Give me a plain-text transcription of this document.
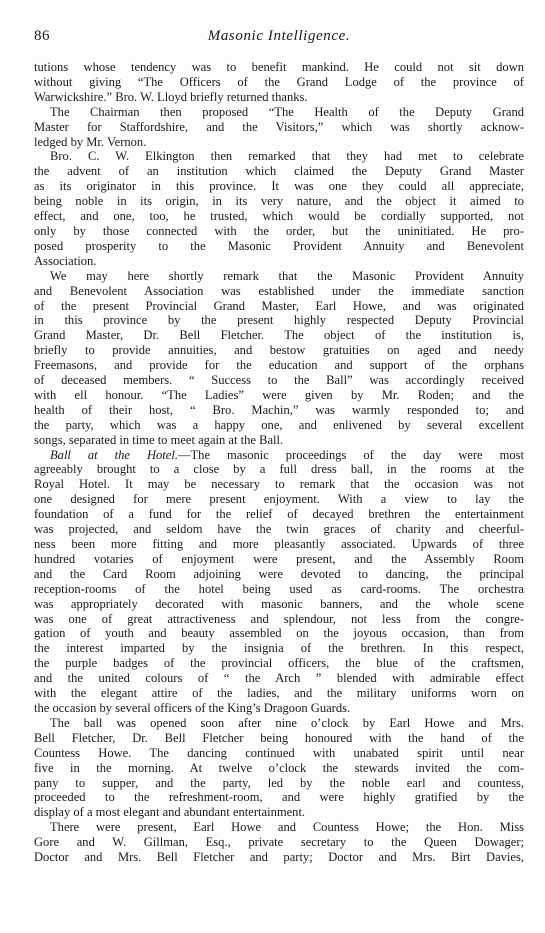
86	Masonic Intelligence.
tutions whose tendency was to benefit mankind. He could not sit down
without giving “The Officers of the Grand Lodge of the province of
Warwickshire.” Bro. W. Lloyd briefly returned thanks.
The Chairman then proposed “The Health of the Deputy Grand
Master for Staffordshire, and the Visitors,” which was shortly acknow-
ledged by Mr. Vernon.
Bro. C. W. Elkington then remarked that they had met to celebrate
the advent of an institution which claimed the Deputy Grand Master
as its originator in this province. It was one they could all appreciate,
being noble in its origin, in its very nature, and the object it aimed to
effect, and one, too, he trusted, which would be cordially supported, not
only by those connected with the order, but the uninitiated. He pro-
posed prosperity to the Masonic Provident Annuity and Benevolent
Association.
We may here shortly remark that the Masonic Provident Annuity
and Benevolent Association was established under the immediate sanction
of the present Provincial Grand Master, Earl Howe, and was originated
in this province by the present highly respected Deputy Provincial
Grand Master, Dr. Bell Fletcher. The object of the institution is,
briefly to provide annuities, and bestow gratuities on aged and needy
Freemasons, and provide for the education and support of the orphans
of deceased members. “ Success to the Ball” was accordingly received
with ell honour. “The Ladies” were given by Mr. Roden; and the
health of their host, “ Bro. Machin,” was warmly responded to; and
the party, which was a happy one, and enlivened by several excellent
songs, separated in time to meet again at the Ball.
Ball at the Hotel.—The masonic proceedings of the day were most
agreeably brought to a close by a full dress ball, in the rooms at the
Royal Hotel. It may be necessary to remark that the occasion was not
one designed for mere present enjoyment. With a view to lay the
foundation of a fund for the relief of decayed brethren the entertainment
was projected, and seldom have the twin graces of charity and cheerful-
ness been more fitting and more pleasantly associated. Upwards of three
hundred votaries of enjoyment were present, and the Assembly Room
and the Card Room adjoining were devoted to dancing, the principal
reception-rooms of the hotel being used as card-rooms. The orchestra
was appropriately decorated with masonic banners, and the whole scene
was one of great attractiveness and splendour, not less from the congre-
gation of youth and beauty assembled on the joyous occasion, than from
the interest imparted by the insignia of the brethren. In this respect,
the purple badges of the provincial officers, the blue of the craftsmen,
and the united colours of “ the Arch ” blended with admirable effect
with the elegant attire of the ladies, and the military uniforms worn on
the occasion by several officers of the King’s Dragoon Guards.
The ball was opened soon after nine o’clock by Earl Howe and Mrs.
Bell Fletcher, Dr. Bell Fletcher being honoured with the hand of the
Countess Howe. The dancing continued with unabated spirit until near
five in the morning. At twelve o’clock the stewards invited the com-
pany to supper, and the party, led by the noble earl and countess,
proceeded to the refreshment-room, and were highly gratified by the
display of a most elegant and abundant entertainment.
There were present, Earl Howe and Countess Howe; the Hon. Miss
Gore and W. Gillman, Esq., private secretary to the Queen Dowager;
Doctor and Mrs. Bell Fletcher and party; Doctor and Mrs. Birt Davies,
